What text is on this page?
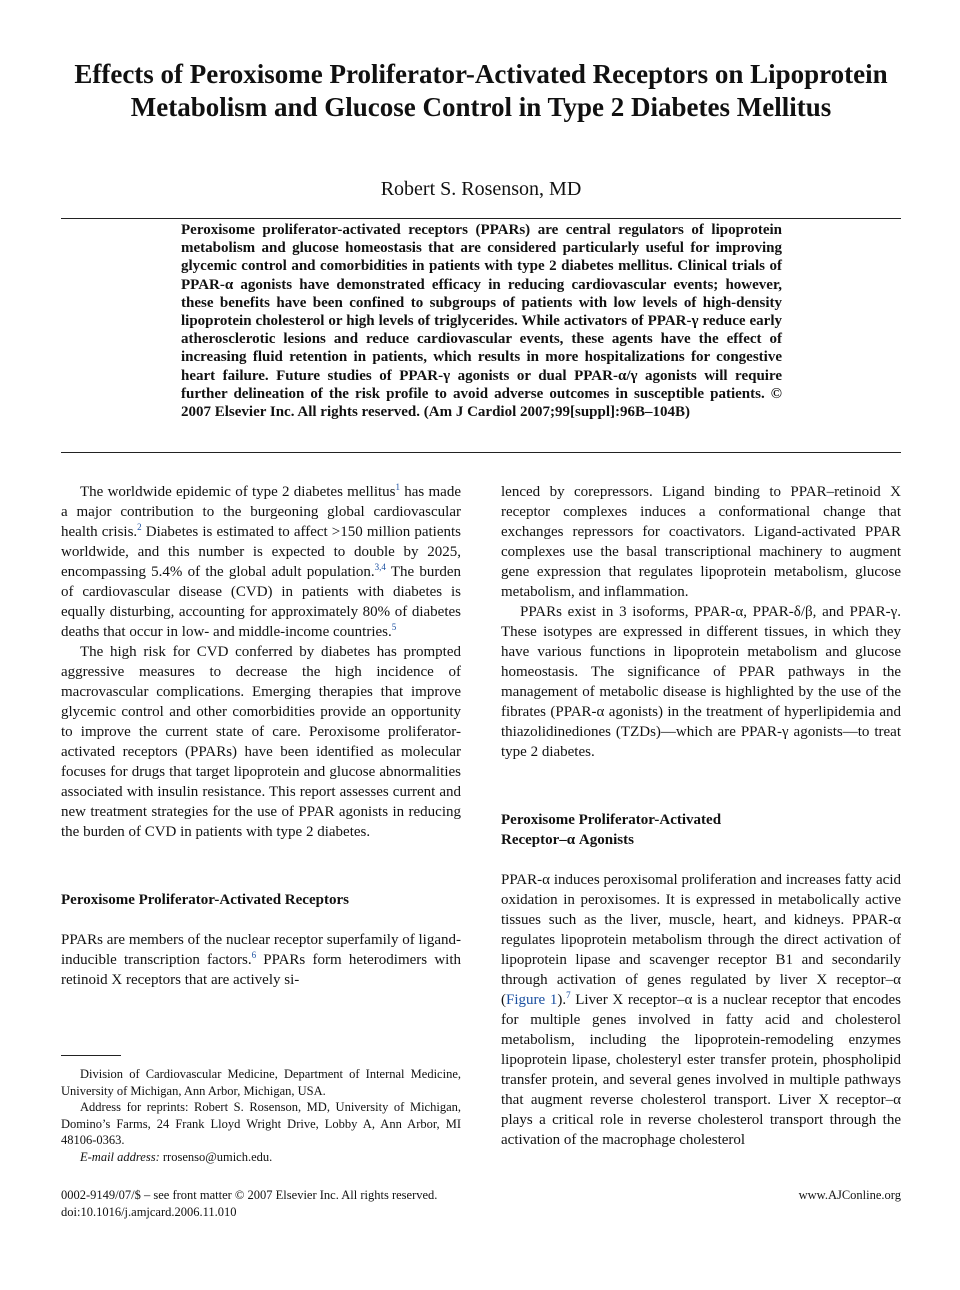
Effects of Peroxisome Proliferator-Activated Receptors on Lipoprotein Metabolism and Glucose Control in Type 2 Diabetes Mellitus
Robert S. Rosenson, MD
Peroxisome proliferator-activated receptors (PPARs) are central regulators of lipoprotein metabolism and glucose homeostasis that are considered particularly useful for improving glycemic control and comorbidities in patients with type 2 diabetes mellitus. Clinical trials of PPAR-α agonists have demonstrated efficacy in reducing cardiovascular events; however, these benefits have been confined to subgroups of patients with low levels of high-density lipoprotein cholesterol or high levels of triglycerides. While activators of PPAR-γ reduce early atherosclerotic lesions and reduce cardiovascular events, these agents have the effect of increasing fluid retention in patients, which results in more hospitalizations for congestive heart failure. Future studies of PPAR-γ agonists or dual PPAR-α/γ agonists will require further delineation of the risk profile to avoid adverse outcomes in susceptible patients. © 2007 Elsevier Inc. All rights reserved. (Am J Cardiol 2007;99[suppl]:96B–104B)

The worldwide epidemic of type 2 diabetes mellitus$^1$ has made a major contribution to the burgeoning global cardiovascular health crisis.$^2$ Diabetes is estimated to affect >150 million patients worldwide, and this number is expected to double by 2025, encompassing 5.4% of the global adult population.$^{3,4}$ The burden of cardiovascular disease (CVD) in patients with diabetes is equally disturbing, accounting for approximately 80% of diabetes deaths that occur in low- and middle-income countries.$^5$

The high risk for CVD conferred by diabetes has prompted aggressive measures to decrease the high incidence of macrovascular complications. Emerging therapies that improve glycemic control and other comorbidities provide an opportunity to improve the current state of care. Peroxisome proliferator-activated receptors (PPARs) have been identified as molecular focuses for drugs that target lipoprotein and glucose abnormalities associated with insulin resistance. This report assesses current and new treatment strategies for the use of PPAR agonists in reducing the burden of CVD in patients with type 2 diabetes.

Peroxisome Proliferator-Activated Receptors

PPARs are members of the nuclear receptor superfamily of ligand-inducible transcription factors.$^6$ PPARs form heterodimers with retinoid X receptors that are actively si-

lenced by corepressors. Ligand binding to PPAR–retinoid X receptor complexes induces a conformational change that exchanges repressors for coactivators. Ligand-activated PPAR complexes use the basal transcriptional machinery to augment gene expression that regulates lipoprotein metabolism, glucose metabolism, and inflammation.

PPARs exist in 3 isoforms, PPAR-α, PPAR-δ/β, and PPAR-γ. These isotypes are expressed in different tissues, in which they have various functions in lipoprotein metabolism and glucose homeostasis. The significance of PPAR pathways in the management of metabolic disease is highlighted by the use of the fibrates (PPAR-α agonists) in the treatment of hyperlipidemia and thiazolidinediones (TZDs)—which are PPAR-γ agonists—to treat type 2 diabetes.

Peroxisome Proliferator-Activated
Receptor–α Agonists

PPAR-α induces peroxisomal proliferation and increases fatty acid oxidation in peroxisomes. It is expressed in metabolically active tissues such as the liver, muscle, heart, and kidneys. PPAR-α regulates lipoprotein metabolism through the direct activation of lipoprotein lipase and scavenger receptor B1 and secondarily through activation of genes regulated by liver X receptor–α (Figure 1).$^7$ Liver X receptor–α is a nuclear receptor that encodes for multiple genes involved in fatty acid and cholesterol metabolism, including the lipoprotein-remodeling enzymes lipoprotein lipase, cholesteryl ester transfer protein, phospholipid transfer protein, and several genes involved in multiple pathways that augment reverse cholesterol transport. Liver X receptor–α plays a critical role in reverse cholesterol transport through the activation of the macrophage cholesterol

Division of Cardiovascular Medicine, Department of Internal Medicine, University of Michigan, Ann Arbor, Michigan, USA.

Address for reprints: Robert S. Rosenson, MD, University of Michigan, Domino’s Farms, 24 Frank Lloyd Wright Drive, Lobby A, Ann Arbor, MI 48106-0363.

E-mail address: rrosenso@umich.edu.

0002-9149/07/$ – see front matter © 2007 Elsevier Inc. All rights reserved.
doi:10.1016/j.amjcard.2006.11.010
www.AJConline.org
